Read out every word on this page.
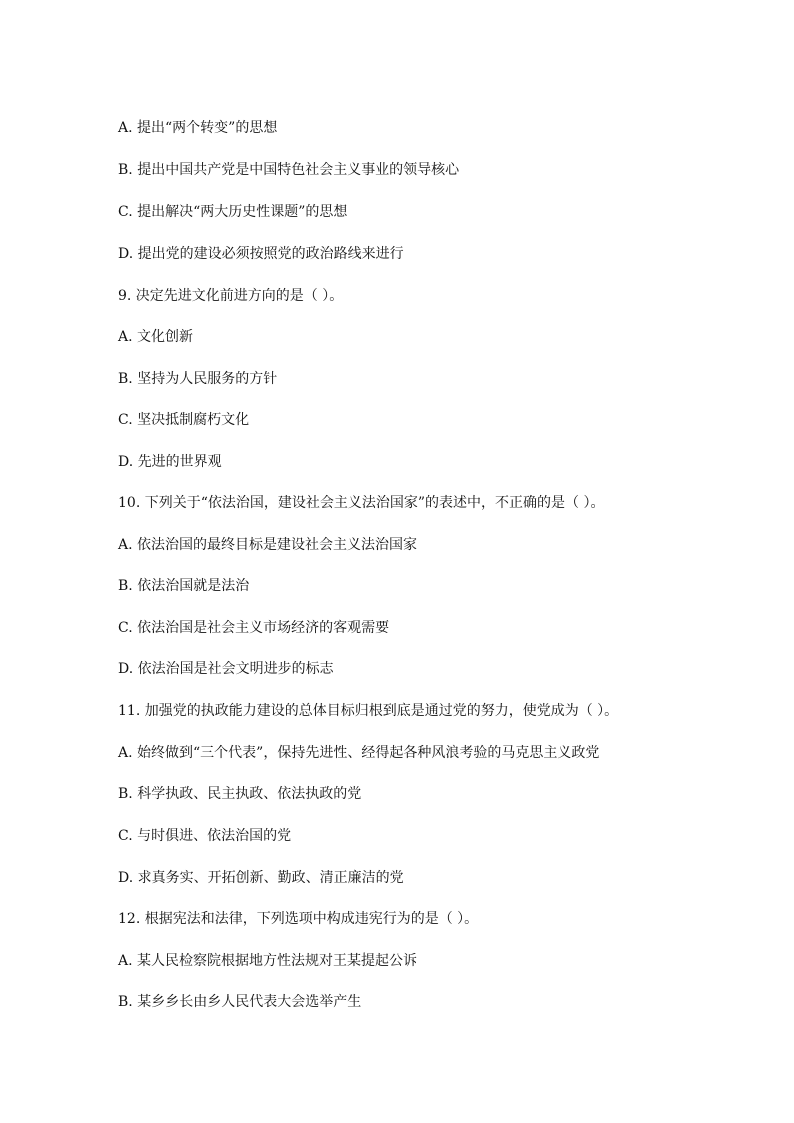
A. 提出“两个转变”的思想
B. 提出中国共产党是中国特色社会主义事业的领导核心
C. 提出解决“两大历史性课题”的思想
D. 提出党的建设必须按照党的政治路线来进行
9. 决定先进文化前进方向的是（ ）。
A. 文化创新
B. 坚持为人民服务的方针
C. 坚决抵制腐朽文化
D. 先进的世界观
10. 下列关于“依法治国，建设社会主义法治国家”的表述中，不正确的是（ ）。
A. 依法治国的最终目标是建设社会主义法治国家
B. 依法治国就是法治
C. 依法治国是社会主义市场经济的客观需要
D. 依法治国是社会文明进步的标志
11. 加强党的执政能力建设的总体目标归根到底是通过党的努力，使党成为（ ）。
A. 始终做到“三个代表”，保持先进性、经得起各种风浪考验的马克思主义政党
B. 科学执政、民主执政、依法执政的党
C. 与时俱进、依法治国的党
D. 求真务实、开拓创新、勤政、清正廉洁的党
12. 根据宪法和法律，下列选项中构成违宪行为的是（ ）。
A. 某人民检察院根据地方性法规对王某提起公诉
B. 某乡乡长由乡人民代表大会选举产生
